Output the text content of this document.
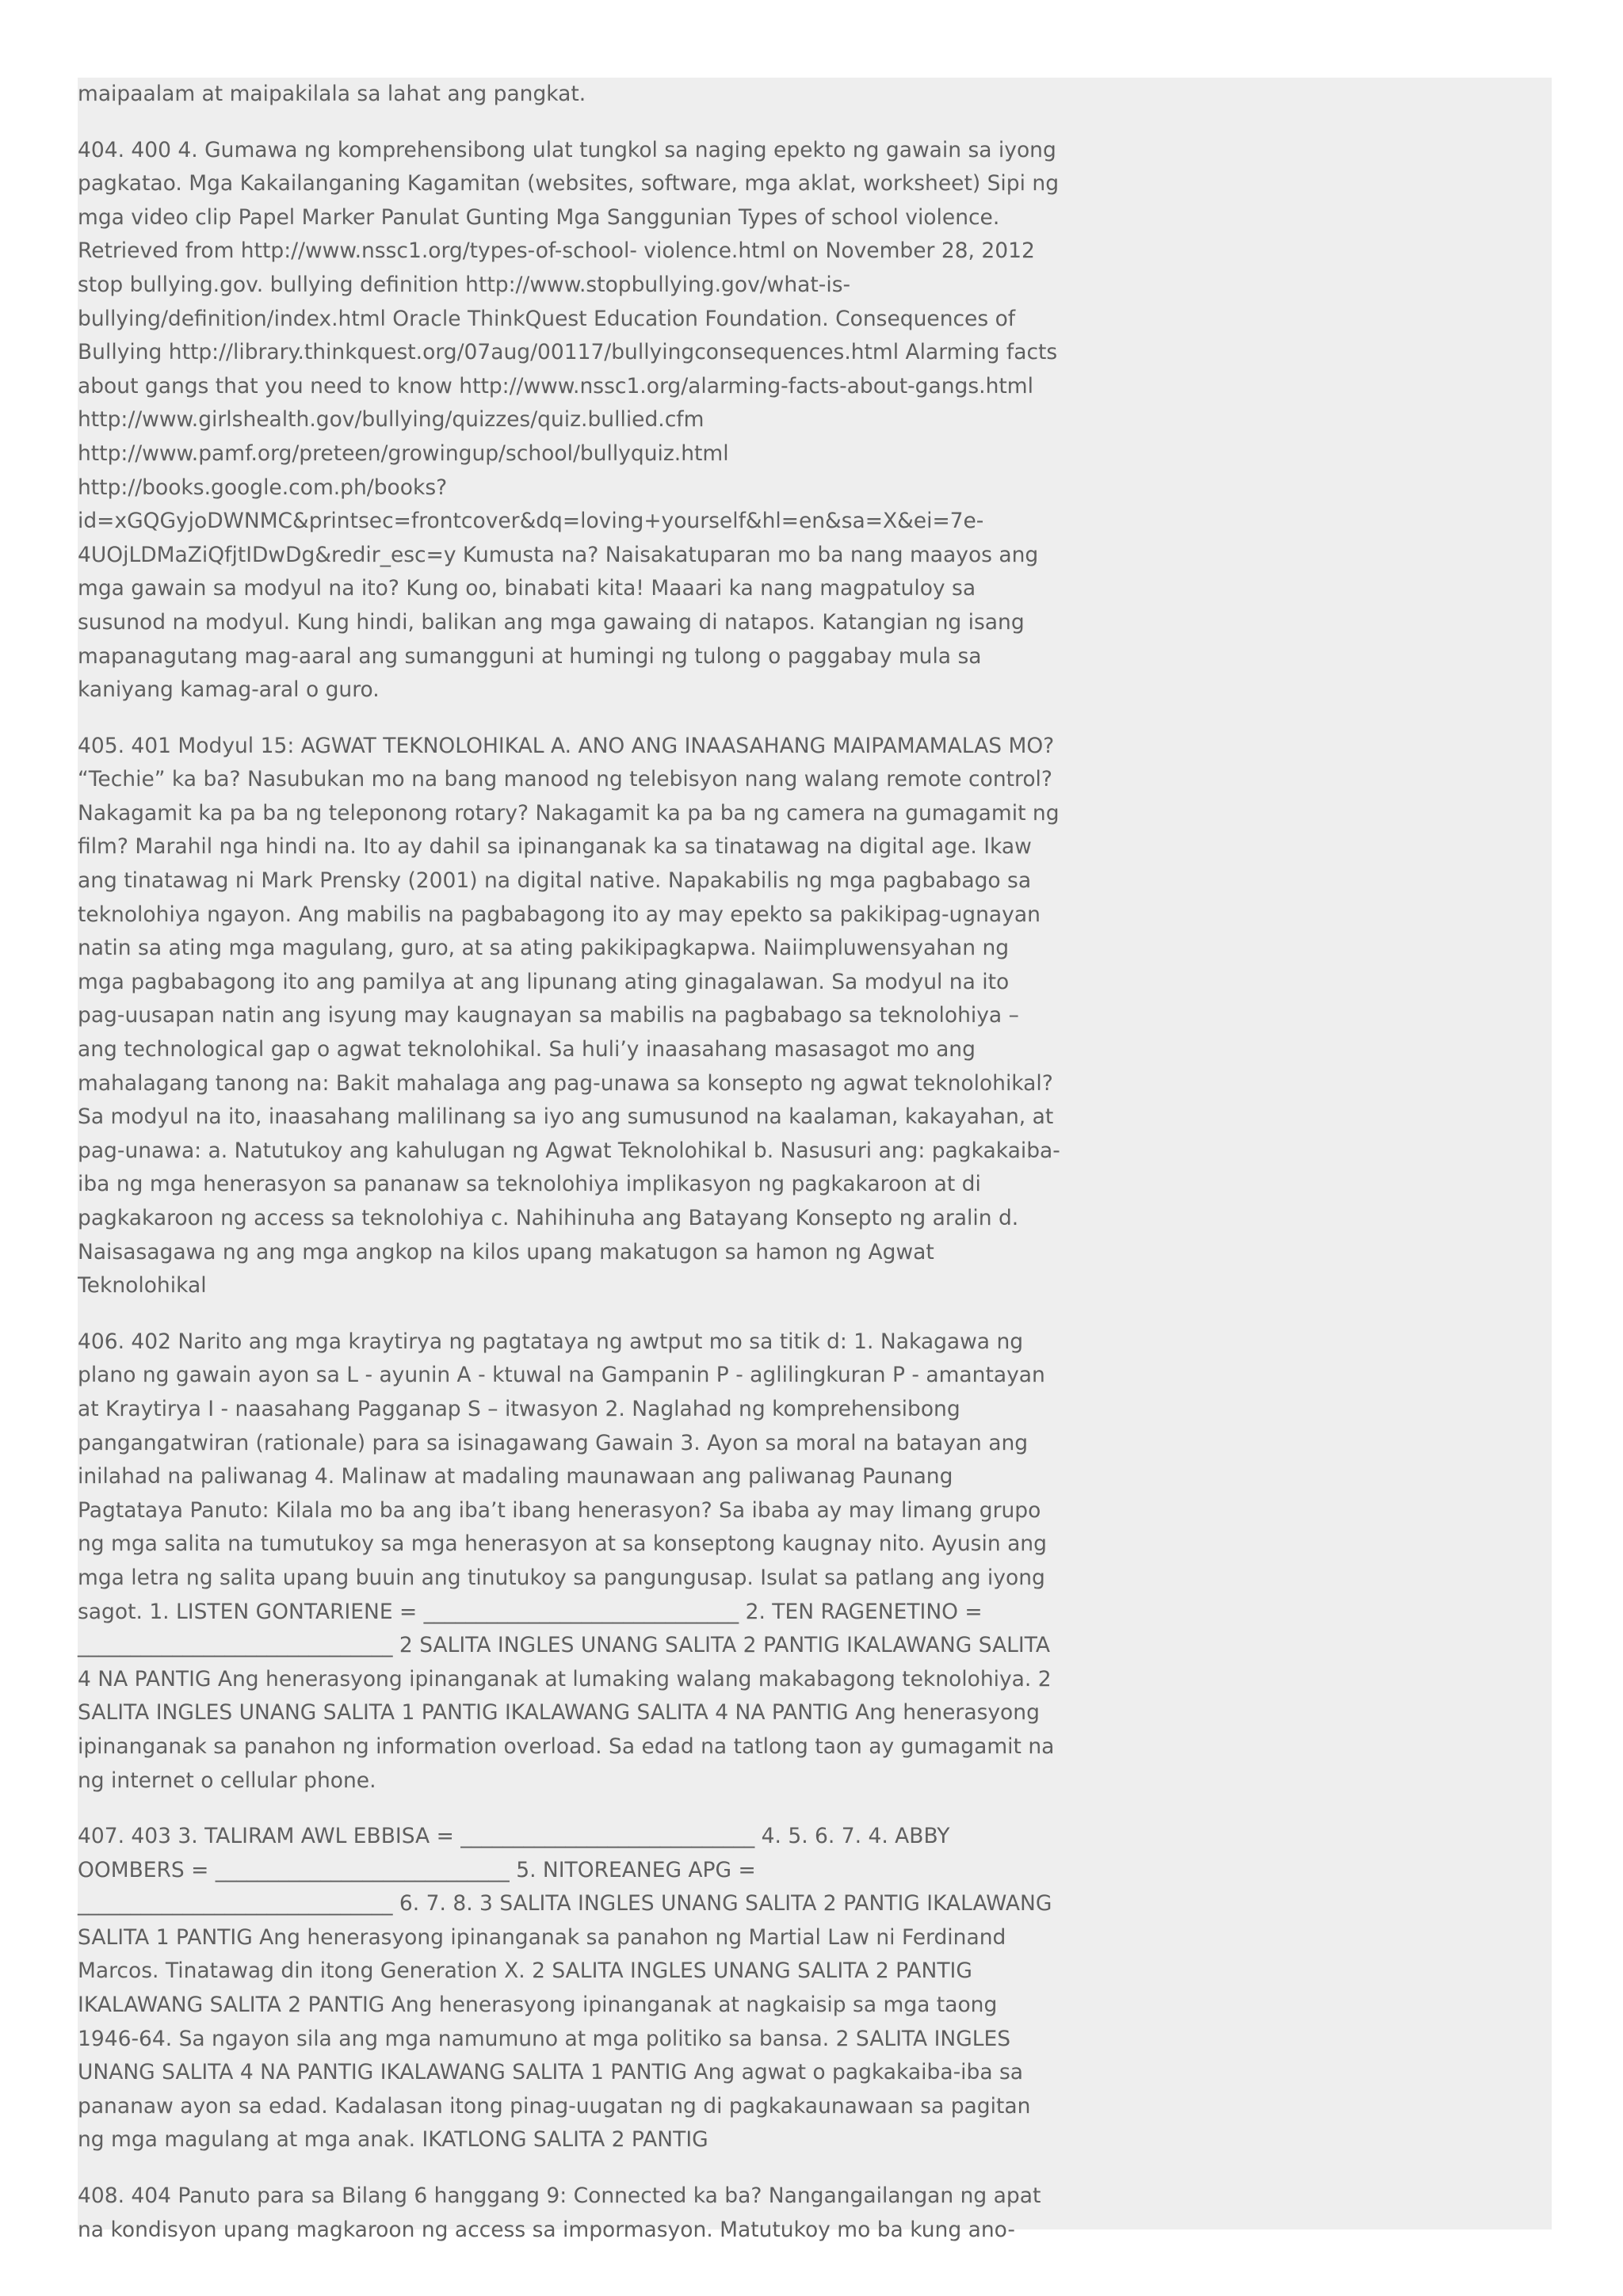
maipaalam at maipakilala sa lahat ang pangkat.

404. 400 4. Gumawa ng komprehensibong ulat tungkol sa naging epekto ng gawain sa iyong pagkatao. Mga Kakailanganing Kagamitan (websites, software, mga aklat, worksheet) Sipi ng mga video clip Papel Marker Panulat Gunting Mga Sanggunian Types of school violence. Retrieved from http://www.nssc1.org/types-of-school- violence.html on November 28, 2012 stop bullying.gov. bullying definition http://www.stopbullying.gov/what-is-bullying/definition/index.html Oracle ThinkQuest Education Foundation. Consequences of Bullying http://library.thinkquest.org/07aug/00117/bullyingconsequences.html Alarming facts about gangs that you need to know http://www.nssc1.org/alarming-facts-about-gangs.html http://www.girlshealth.gov/bullying/quizzes/quiz.bullied.cfm http://www.pamf.org/preteen/growingup/school/bullyquiz.html http://books.google.com.ph/books?id=xGQGyjoDWNMC&printsec=frontcover&dq=loving+yourself&hl=en&sa=X&ei=7e-4UOjLDMaZiQfjtIDwDg&redir_esc=y Kumusta na? Naisakatuparan mo ba nang maayos ang mga gawain sa modyul na ito? Kung oo, binabati kita! Maaari ka nang magpatuloy sa susunod na modyul. Kung hindi, balikan ang mga gawaing di natapos. Katangian ng isang mapanagutang mag-aaral ang sumangguni at humingi ng tulong o paggabay mula sa kaniyang kamag-aral o guro.

405. 401 Modyul 15: AGWAT TEKNOLOHIKAL A. ANO ANG INAASAHANG MAIPAMAMALAS MO? “Techie” ka ba? Nasubukan mo na bang manood ng telebisyon nang walang remote control? Nakagamit ka pa ba ng teleponong rotary? Nakagamit ka pa ba ng camera na gumagamit ng film? Marahil nga hindi na. Ito ay dahil sa ipinanganak ka sa tinatawag na digital age. Ikaw ang tinatawag ni Mark Prensky (2001) na digital native. Napakabilis ng mga pagbabago sa teknolohiya ngayon. Ang mabilis na pagbabagong ito ay may epekto sa pakikipag-ugnayan natin sa ating mga magulang, guro, at sa ating pakikipagkapwa. Naiimpluwensyahan ng mga pagbabagong ito ang pamilya at ang lipunang ating ginagalawan. Sa modyul na ito pag-uusapan natin ang isyung may kaugnayan sa mabilis na pagbabago sa teknolohiya – ang technological gap o agwat teknolohikal. Sa huli’y inaasahang masasagot mo ang mahalagang tanong na: Bakit mahalaga ang pag-unawa sa konsepto ng agwat teknolohikal? Sa modyul na ito, inaasahang malilinang sa iyo ang sumusunod na kaalaman, kakayahan, at pag-unawa: a. Natutukoy ang kahulugan ng Agwat Teknolohikal b. Nasusuri ang: pagkakaiba-iba ng mga henerasyon sa pananaw sa teknolohiya implikasyon ng pagkakaroon at di pagkakaroon ng access sa teknolohiya c. Nahihinuha ang Batayang Konsepto ng aralin d. Naisasagawa ng ang mga angkop na kilos upang makatugon sa hamon ng Agwat Teknolohikal

406. 402 Narito ang mga kraytirya ng pagtataya ng awtput mo sa titik d: 1. Nakagawa ng plano ng gawain ayon sa L - ayunin A - ktuwal na Gampanin P - aglilingkuran P - amantayan at Kraytirya I - naasahang Pagganap S – itwasyon 2. Naglahad ng komprehensibong pangangatwiran (rationale) para sa isinagawang Gawain 3. Ayon sa moral na batayan ang inilahad na paliwanag 4. Malinaw at madaling maunawaan ang paliwanag Paunang Pagtataya Panuto: Kilala mo ba ang iba’t ibang henerasyon? Sa ibaba ay may limang grupo ng mga salita na tumutukoy sa mga henerasyon at sa konseptong kaugnay nito. Ayusin ang mga letra ng salita upang buuin ang tinutukoy sa pangungusap. Isulat sa patlang ang iyong sagot. 1. LISTEN GONTARIENE = ______________________________ 2. TEN RAGENETINO = ______________________________ 2 SALITA INGLES UNANG SALITA 2 PANTIG IKALAWANG SALITA 4 NA PANTIG Ang henerasyong ipinanganak at lumaking walang makabagong teknolohiya. 2 SALITA INGLES UNANG SALITA 1 PANTIG IKALAWANG SALITA 4 NA PANTIG Ang henerasyong ipinanganak sa panahon ng information overload. Sa edad na tatlong taon ay gumagamit na ng internet o cellular phone.

407. 403 3. TALIRAM AWL EBBISA = ____________________________ 4. 5. 6. 7. 4. ABBY OOMBERS = ____________________________ 5. NITOREANEG APG = ______________________________ 6. 7. 8. 3 SALITA INGLES UNANG SALITA 2 PANTIG IKALAWANG SALITA 1 PANTIG Ang henerasyong ipinanganak sa panahon ng Martial Law ni Ferdinand Marcos. Tinatawag din itong Generation X. 2 SALITA INGLES UNANG SALITA 2 PANTIG IKALAWANG SALITA 2 PANTIG Ang henerasyong ipinanganak at nagkaisip sa mga taong 1946-64. Sa ngayon sila ang mga namumuno at mga politiko sa bansa. 2 SALITA INGLES UNANG SALITA 4 NA PANTIG IKALAWANG SALITA 1 PANTIG Ang agwat o pagkakaiba-iba sa pananaw ayon sa edad. Kadalasan itong pinag-uugatan ng di pagkakaunawaan sa pagitan ng mga magulang at mga anak. IKATLONG SALITA 2 PANTIG

408. 404 Panuto para sa Bilang 6 hanggang 9: Connected ka ba? Nangangailangan ng apat na kondisyon upang magkaroon ng access sa impormasyon. Matutukoy mo ba kung ano-
